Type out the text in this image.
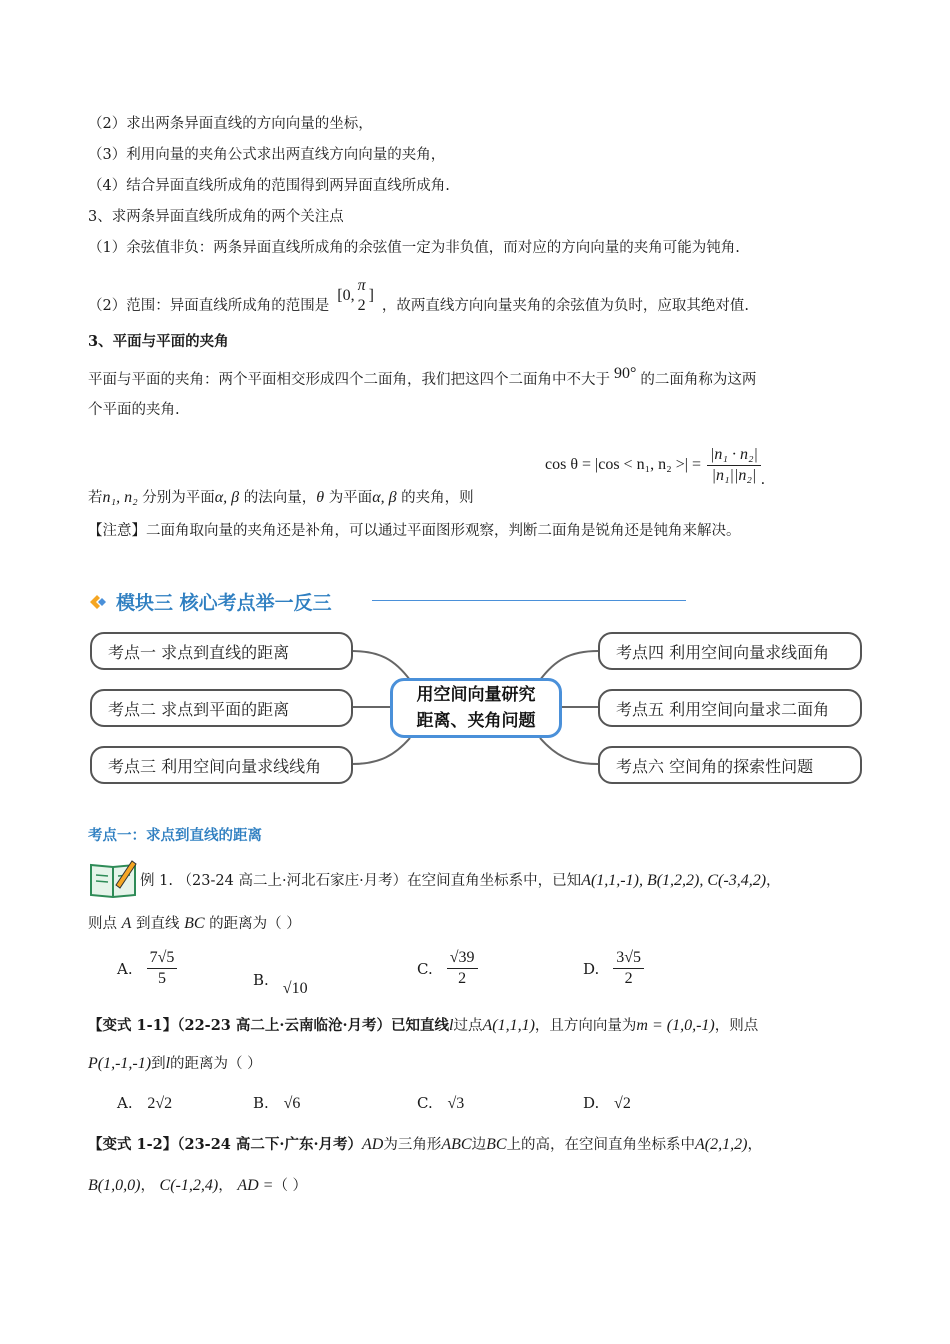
（2）求出两条异面直线的方向向量的坐标，
（3）利用向量的夹角公式求出两直线方向向量的夹角，
（4）结合异面直线所成角的范围得到两异面直线所成角.
3、求两条异面直线所成角的两个关注点
（1）余弦值非负：两条异面直线所成角的余弦值一定为非负值，而对应的方向向量的夹角可能为钝角.
（2）范围：异面直线所成角的范围是
[0,
π
2
]
，故两直线方向向量夹角的余弦值为负时，应取其绝对值.
3、平面与平面的夹角
平面与平面的夹角：两个平面相交形成四个二面角，我们把这四个二面角中不大于 90° 的二面角称为这两
个平面的夹角.
cos θ = |cos < n₁, n₂ >| = $\frac{\text{|n₁ · n₂|}}{\text{|n₁||n₂|}}$ .
若n₁, n₂ 分别为平面α, β 的法向量，θ 为平面α, β 的夹角，则
【注意】二面角取向量的夹角还是补角，可以通过平面图形观察，判断二面角是锐角还是钝角来解决。
模块三 核心考点举一反三
考点一 求点到直线的距离
考点二 求点到平面的距离
考点三 利用空间向量求线线角
用空间向量研究
距离、夹角问题
考点四 利用空间向量求线面角
考点五 利用空间向量求二面角
考点六 空间角的探索性问题
考点一：求点到直线的距离
例 1. （23-24 高二上·河北石家庄·月考）在空间直角坐标系中，已知A(1,1,-1), B(1,2,2), C(-3,4,2)，
则点 A 到直线 BC 的距离为（ ）
A. $\frac{7√5}{5}$	B. √10
C. $\frac{√39}{2}$	D. $\frac{3√5}{2}$
【变式 1-1】（22-23 高二上·云南临沧·月考）已知直线l过点A(1,1,1)，且方向向量为m = (1,0,-1)，则点
P(1,-1,-1)到l的距离为（ ）
A. 2√2	B. √6	C. √3	D. √2
【变式 1-2】（23-24 高二下·广东·月考）AD为三角形ABC边BC上的高，在空间直角坐标系中A(2,1,2)，
B(1,0,0)， C(-1,2,4)， AD =（ ）
